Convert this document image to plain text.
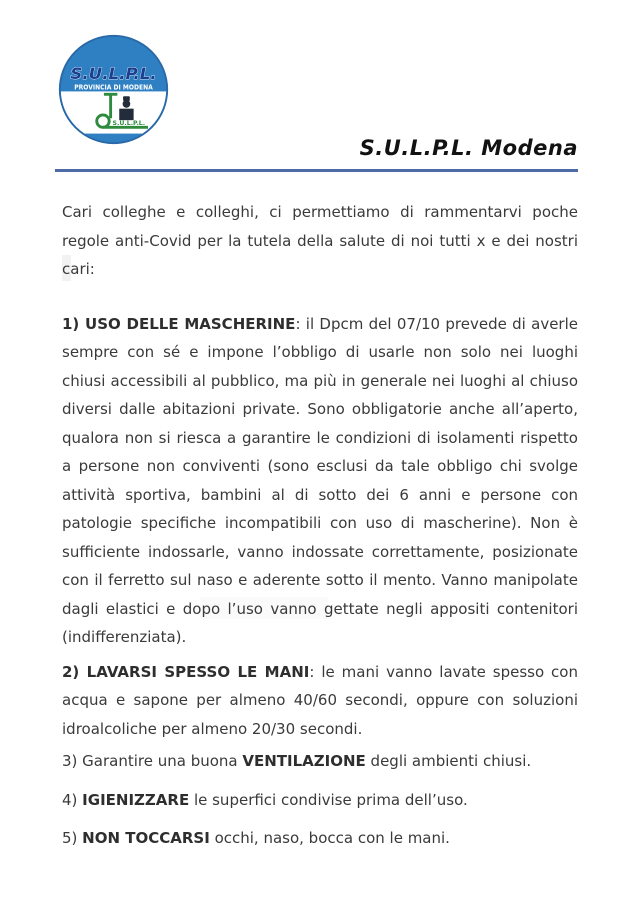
S.U.L.P.L.
PROVINCIA DI MODENA
S.U.L.P.L.
S.U.L.P.L. Modena

Cari colleghe e colleghi, ci permettiamo di rammentarvi poche regole anti-Covid per la tutela della salute di noi tutti x e dei nostri cari:

1) USO DELLE MASCHERINE: il Dpcm del 07/10 prevede di averle sempre con sé e impone l’obbligo di usarle non solo nei luoghi chiusi accessibili al pubblico, ma più in generale nei luoghi al chiuso diversi dalle abitazioni private. Sono obbligatorie anche all’aperto, qualora non si riesca a garantire le condizioni di isolamenti rispetto a persone non conviventi (sono esclusi da tale obbligo chi svolge attività sportiva, bambini al di sotto dei 6 anni e persone con patologie specifiche incompatibili con uso di mascherine). Non è sufficiente indossarle, vanno indossate correttamente, posizionate con il ferretto sul naso e aderente sotto il mento. Vanno manipolate dagli elastici e dopo l’uso vanno gettate negli appositi contenitori (indifferenziata).

2) LAVARSI SPESSO LE MANI: le mani vanno lavate spesso con acqua e sapone per almeno 40/60 secondi, oppure con soluzioni idroalcoliche per almeno 20/30 secondi.

3) Garantire una buona VENTILAZIONE degli ambienti chiusi.

4) IGIENIZZARE le superfici condivise prima dell’uso.

5) NON TOCCARSI occhi, naso, bocca con le mani.
